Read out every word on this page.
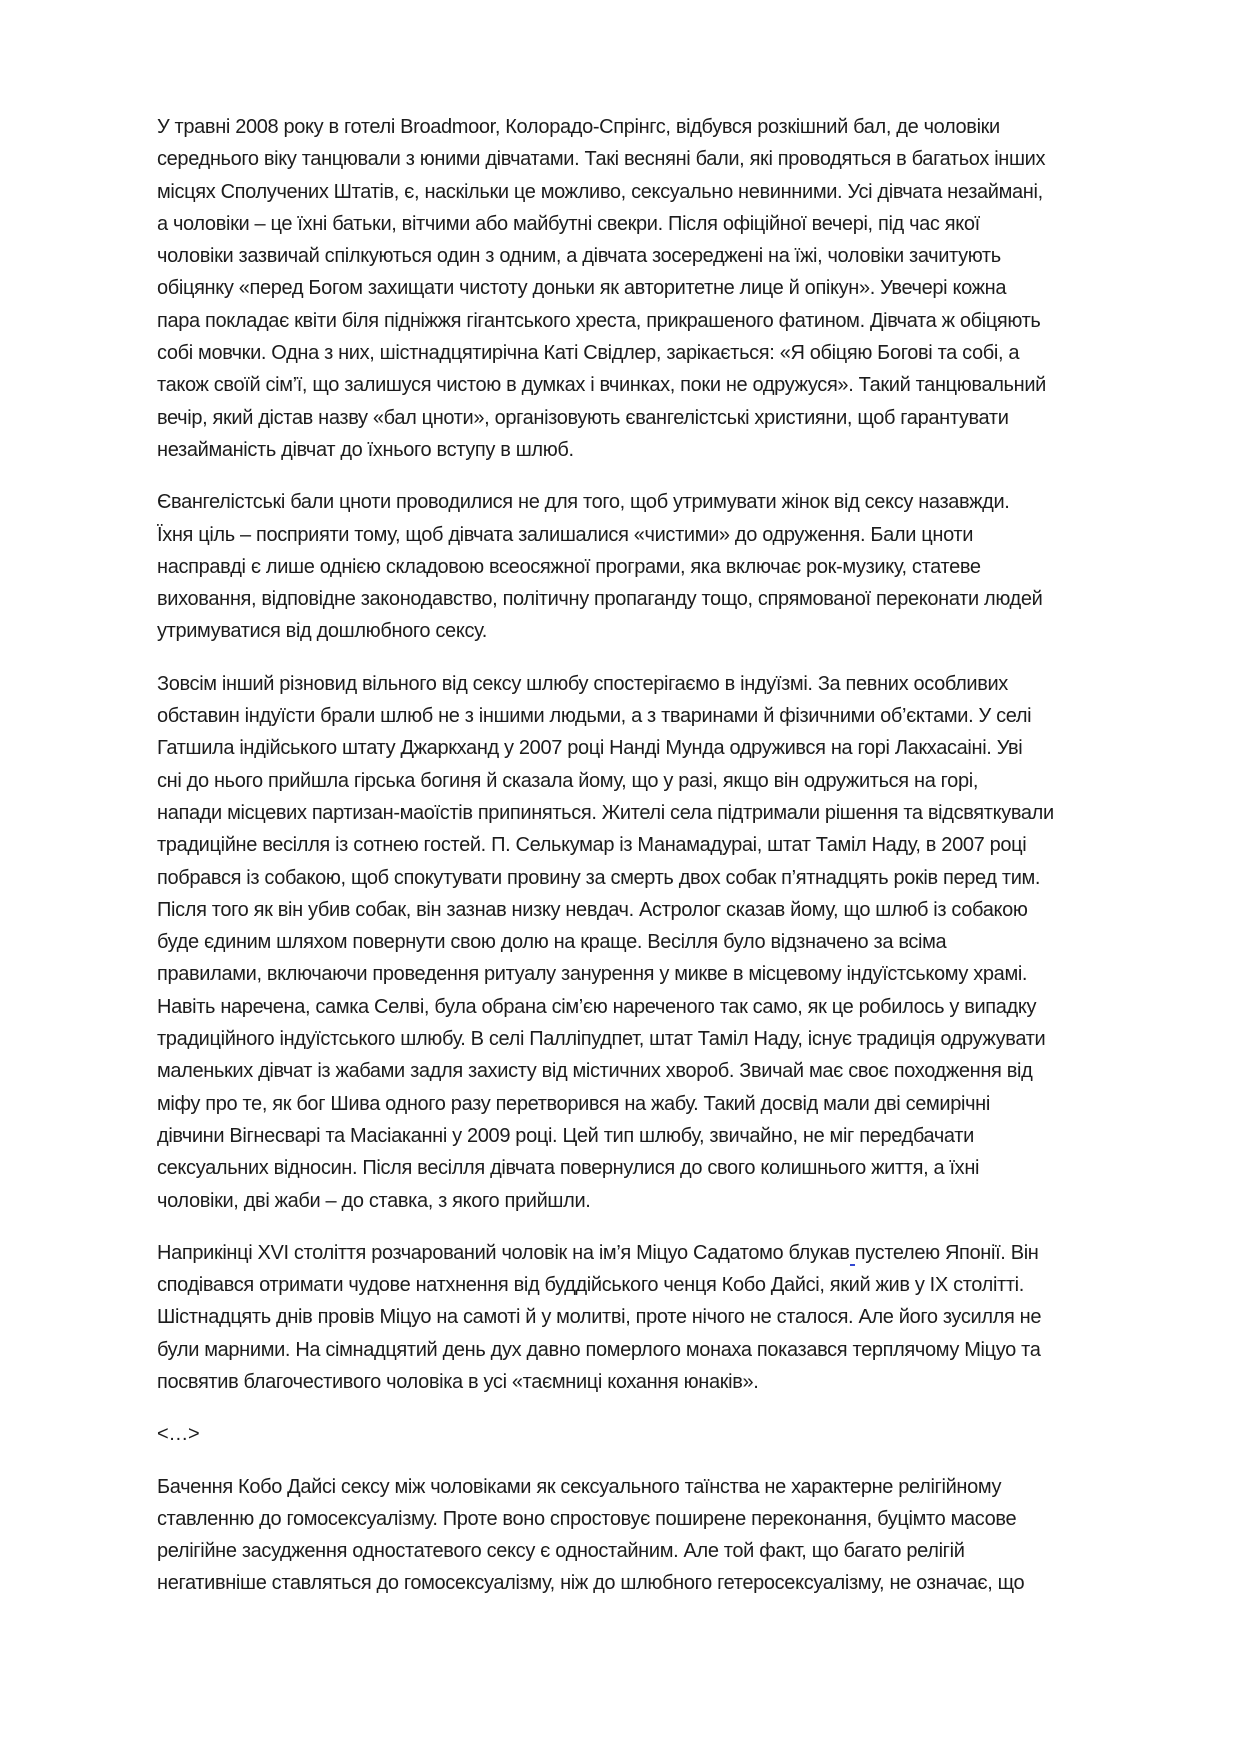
У травні 2008 року в готелі Broadmoor, Колорадо-Спрінгс, відбувся розкішний бал, де чоловіки
середнього віку танцювали з юними дівчатами. Такі весняні бали, які проводяться в багатьох інших
місцях Сполучених Штатів, є, наскільки це можливо, сексуально невинними. Усі дівчата незаймані,
а чоловіки – це їхні батьки, вітчими або майбутні свекри. Після офіційної вечері, під час якої
чоловіки зазвичай спілкуються один з одним, а дівчата зосереджені на їжі, чоловіки зачитують
обіцянку «перед Богом захищати чистоту доньки як авторитетне лице й опікун». Увечері кожна
пара покладає квіти біля підніжжя гігантського хреста, прикрашеного фатином. Дівчата ж обіцяють
собі мовчки. Одна з них, шістнадцятирічна Каті Свідлер, зарікається: «Я обіцяю Богові та собі, а
також своїй сім’ї, що залишуся чистою в думках і вчинках, поки не одружуся». Такий танцювальний
вечір, який дістав назву «бал цноти», організовують євангелістські християни, щоб гарантувати
незайманість дівчат до їхнього вступу в шлюб.

Євангелістські бали цноти проводилися не для того, щоб утримувати жінок від сексу назавжди.
Їхня ціль – посприяти тому, щоб дівчата залишалися «чистими» до одруження. Бали цноти
насправді є лише однією складовою всеосяжної програми, яка включає рок-музику, статеве
виховання, відповідне законодавство, політичну пропаганду тощо, спрямованої переконати людей
утримуватися від дошлюбного сексу.

Зовсім інший різновид вільного від сексу шлюбу спостерігаємо в індуїзмі. За певних особливих
обставин індуїсти брали шлюб не з іншими людьми, а з тваринами й фізичними об’єктами. У селі
Гатшила індійського штату Джаркханд у 2007 році Нанді Мунда одружився на горі Лакхасаіні. Уві
сні до нього прийшла гірська богиня й сказала йому, що у разі, якщо він одружиться на горі,
напади місцевих партизан-маоїстів припиняться. Жителі села підтримали рішення та відсвяткували
традиційне весілля із сотнею гостей. П. Селькумар із Манамадураі, штат Таміл Наду, в 2007 році
побрався із собакою, щоб спокутувати провину за смерть двох собак п’ятнадцять років перед тим.
Після того як він убив собак, він зазнав низку невдач. Астролог сказав йому, що шлюб із собакою
буде єдиним шляхом повернути свою долю на краще. Весілля було відзначено за всіма
правилами, включаючи проведення ритуалу занурення у микве в місцевому індуїстському храмі.
Навіть наречена, самка Селві, була обрана сім’єю нареченого так само, як це робилось у випадку
традиційного індуїстського шлюбу. В селі Палліпудпет, штат Таміл Наду, існує традиція одружувати
маленьких дівчат із жабами задля захисту від містичних хвороб. Звичай має своє походження від
міфу про те, як бог Шива одного разу перетворився на жабу. Такий досвід мали дві семирічні
дівчини Вігнесварі та Масіаканні у 2009 році. Цей тип шлюбу, звичайно, не міг передбачати
сексуальних відносин. Після весілля дівчата повернулися до свого колишнього життя, а їхні
чоловіки, дві жаби – до ставка, з якого прийшли.

Наприкінці XVI століття розчарований чоловік на ім’я Міцуо Садатомо блукав пустелею Японії. Він
сподівався отримати чудове натхнення від буддійського ченця Кобо Дайсі, який жив у IX столітті.
Шістнадцять днів провів Міцуо на самоті й у молитві, проте нічого не сталося. Але його зусилля не
були марними. На сімнадцятий день дух давно померлого монаха показався терплячому Міцуо та
посвятив благочестивого чоловіка в усі «таємниці кохання юнаків».

<…>

Бачення Кобо Дайсі сексу між чоловіками як сексуального таїнства не характерне релігійному
ставленню до гомосексуалізму. Проте воно спростовує поширене переконання, буцімто масове
релігійне засудження одностатевого сексу є одностайним. Але той факт, що багато релігій
негативніше ставляться до гомосексуалізму, ніж до шлюбного гетеросексуалізму, не означає, що
